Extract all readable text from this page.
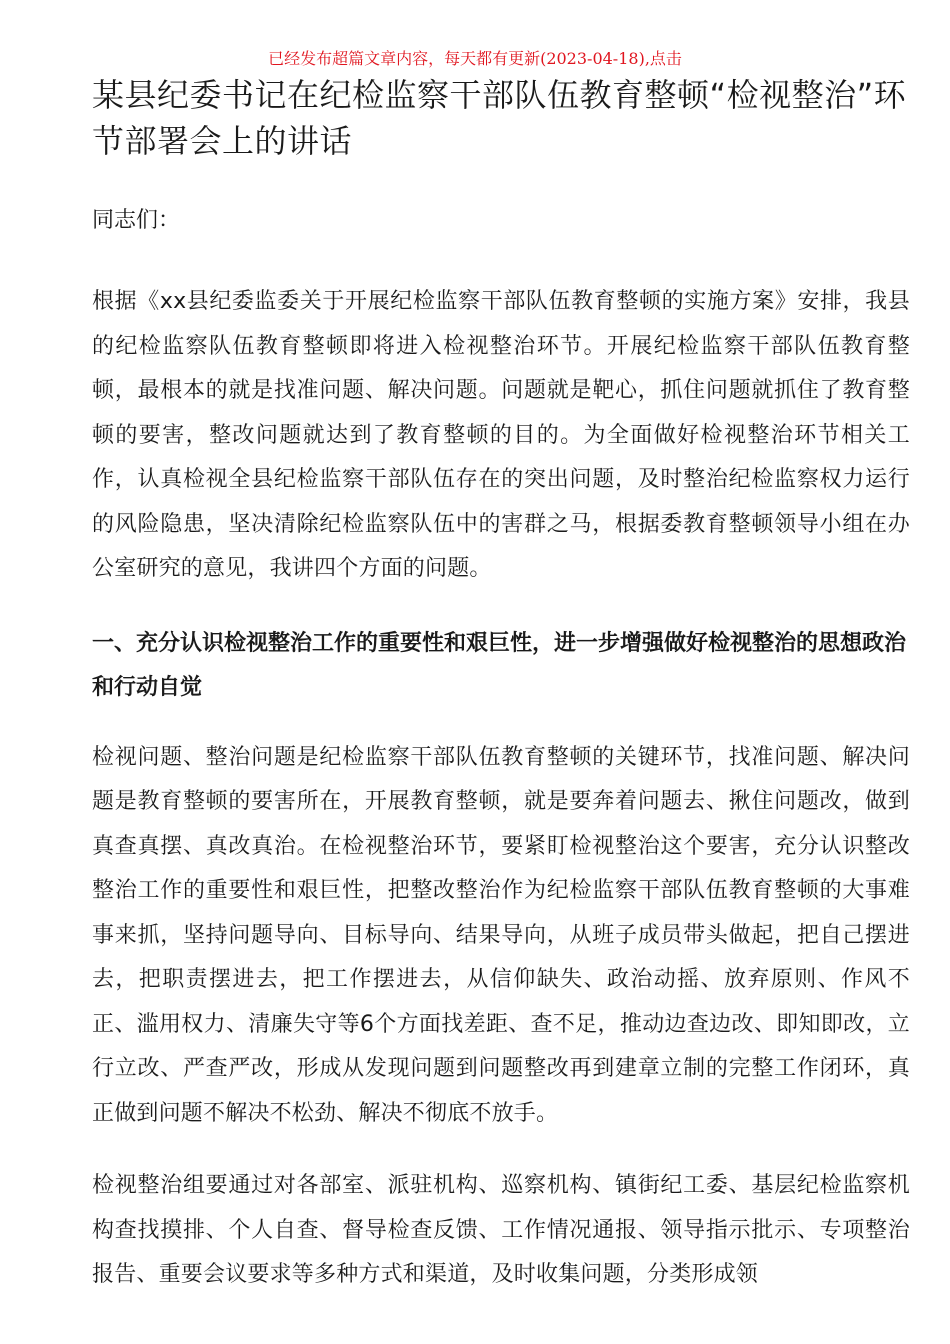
已经发布超篇文章内容，每天都有更新(2023-04-18),点击
某县纪委书记在纪检监察干部队伍教育整顿“检视整治”环节部署会上的讲话
同志们：

根据《xx县纪委监委关于开展纪检监察干部队伍教育整顿的实施方案》安排，我县的纪检监察队伍教育整顿即将进入检视整治环节。开展纪检监察干部队伍教育整顿，最根本的就是找准问题、解决问题。问题就是靶心，抓住问题就抓住了教育整顿的要害，整改问题就达到了教育整顿的目的。为全面做好检视整治环节相关工作，认真检视全县纪检监察干部队伍存在的突出问题，及时整治纪检监察权力运行的风险隐患，坚决清除纪检监察队伍中的害群之马，根据委教育整顿领导小组在办公室研究的意见，我讲四个方面的问题。

一、充分认识检视整治工作的重要性和艰巨性，进一步增强做好检视整治的思想政治和行动自觉

检视问题、整治问题是纪检监察干部队伍教育整顿的关键环节，找准问题、解决问题是教育整顿的要害所在，开展教育整顿，就是要奔着问题去、揪住问题改，做到真查真摆、真改真治。在检视整治环节，要紧盯检视整治这个要害，充分认识整改整治工作的重要性和艰巨性，把整改整治作为纪检监察干部队伍教育整顿的大事难事来抓，坚持问题导向、目标导向、结果导向，从班子成员带头做起，把自己摆进去，把职责摆进去，把工作摆进去，从信仰缺失、政治动摇、放弃原则、作风不正、滥用权力、清廉失守等6个方面找差距、查不足，推动边查边改、即知即改，立行立改、严查严改，形成从发现问题到问题整改再到建章立制的完整工作闭环，真正做到问题不解决不松劲、解决不彻底不放手。

检视整治组要通过对各部室、派驻机构、巡察机构、镇街纪工委、基层纪检监察机构查找摸排、个人自查、督导检查反馈、工作情况通报、领导指示批示、专项整治报告、重要会议要求等多种方式和渠道，及时收集问题，分类形成领
